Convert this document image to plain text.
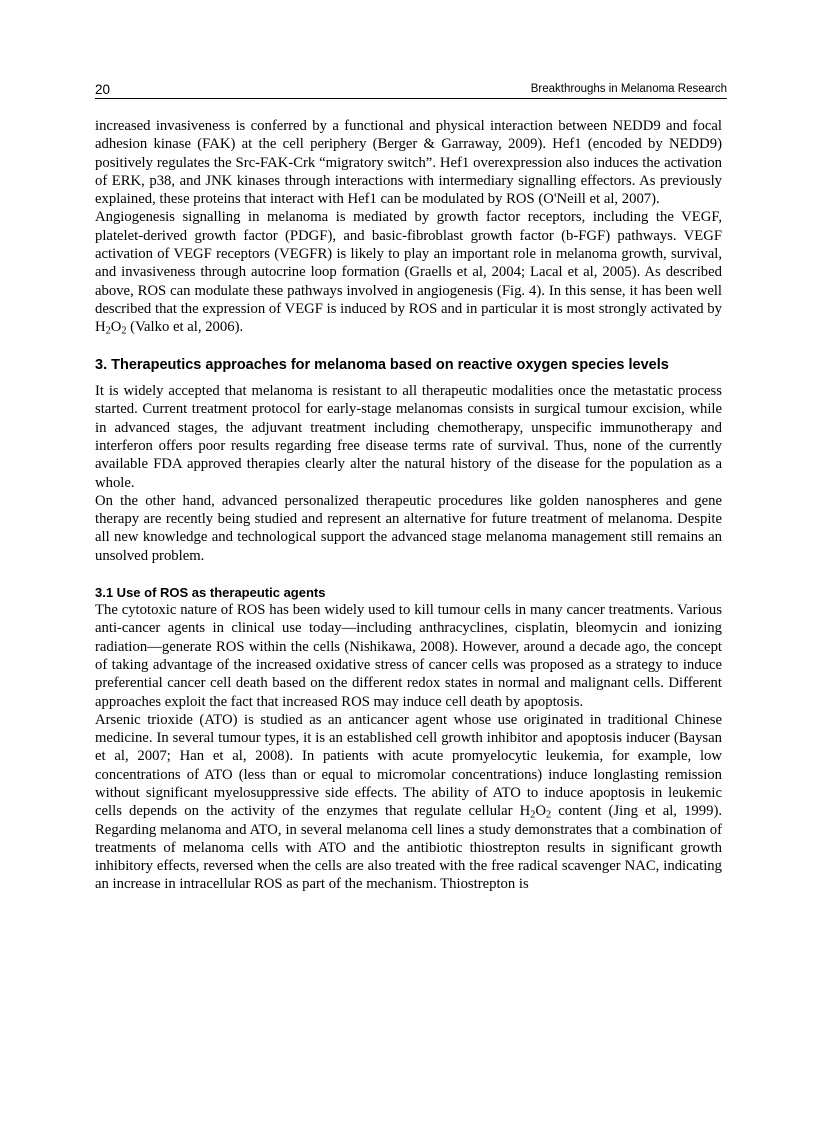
20	Breakthroughs in Melanoma Research

increased invasiveness is conferred by a functional and physical interaction between NEDD9 and focal adhesion kinase (FAK) at the cell periphery (Berger & Garraway, 2009). Hef1 (encoded by NEDD9) positively regulates the Src-FAK-Crk “migratory switch”. Hef1 overexpression also induces the activation of ERK, p38, and JNK kinases through interactions with intermediary signalling effectors. As previously explained, these proteins that interact with Hef1 can be modulated by ROS (O'Neill et al, 2007).

Angiogenesis signalling in melanoma is mediated by growth factor receptors, including the VEGF, platelet-derived growth factor (PDGF), and basic-fibroblast growth factor (b-FGF) pathways. VEGF activation of VEGF receptors (VEGFR) is likely to play an important role in melanoma growth, survival, and invasiveness through autocrine loop formation (Graells et al, 2004; Lacal et al, 2005). As described above, ROS can modulate these pathways involved in angiogenesis (Fig. 4). In this sense, it has been well described that the expression of VEGF is induced by ROS and in particular it is most strongly activated by $H_2O_2$ (Valko et al, 2006).

3. Therapeutics approaches for melanoma based on reactive oxygen species levels

It is widely accepted that melanoma is resistant to all therapeutic modalities once the metastatic process started. Current treatment protocol for early-stage melanomas consists in surgical tumour excision, while in advanced stages, the adjuvant treatment including chemotherapy, unspecific immunotherapy and interferon offers poor results regarding free disease terms rate of survival. Thus, none of the currently available FDA approved therapies clearly alter the natural history of the disease for the population as a whole.

On the other hand, advanced personalized therapeutic procedures like golden nanospheres and gene therapy are recently being studied and represent an alternative for future treatment of melanoma. Despite all new knowledge and technological support the advanced stage melanoma management still remains an unsolved problem.

3.1 Use of ROS as therapeutic agents

The cytotoxic nature of ROS has been widely used to kill tumour cells in many cancer treatments. Various anti-cancer agents in clinical use today—including anthracyclines, cisplatin, bleomycin and ionizing radiation—generate ROS within the cells (Nishikawa, 2008). However, around a decade ago, the concept of taking advantage of the increased oxidative stress of cancer cells was proposed as a strategy to induce preferential cancer cell death based on the different redox states in normal and malignant cells. Different approaches exploit the fact that increased ROS may induce cell death by apoptosis.

Arsenic trioxide (ATO) is studied as an anticancer agent whose use originated in traditional Chinese medicine. In several tumour types, it is an established cell growth inhibitor and apoptosis inducer (Baysan et al, 2007; Han et al, 2008). In patients with acute promyelocytic leukemia, for example, low concentrations of ATO (less than or equal to micromolar concentrations) induce longlasting remission without significant myelosuppressive side effects. The ability of ATO to induce apoptosis in leukemic cells depends on the activity of the enzymes that regulate cellular $H_2O_2$ content (Jing et al, 1999). Regarding melanoma and ATO, in several melanoma cell lines a study demonstrates that a combination of treatments of melanoma cells with ATO and the antibiotic thiostrepton results in significant growth inhibitory effects, reversed when the cells are also treated with the free radical scavenger NAC, indicating an increase in intracellular ROS as part of the mechanism. Thiostrepton is
